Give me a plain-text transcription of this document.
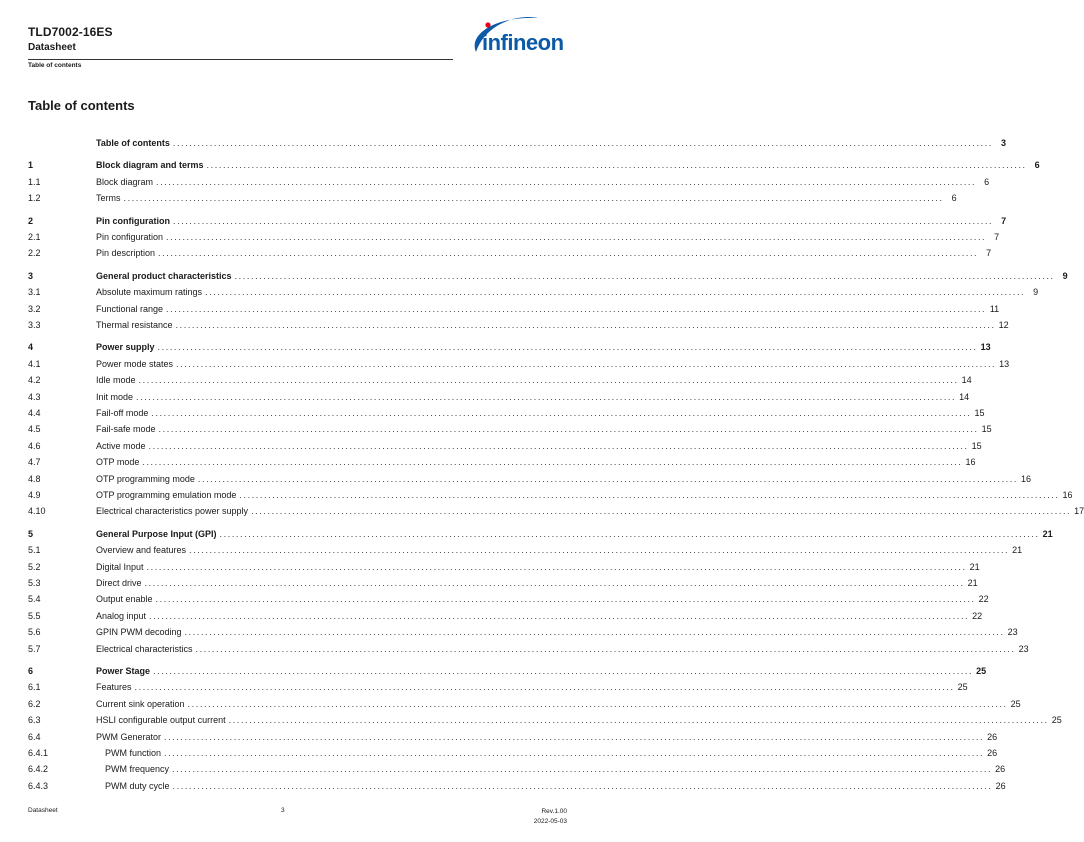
TLD7002-16ES
Datasheet
Table of contents
infineon
Table of contents
Table of contents ........................................................................................................................................................................................................ 3
1	Block diagram and terms ........................................................................................................................................................................................................ 6
1.1	Block diagram ........................................................................................................................................................................................................ 6
1.2	Terms ........................................................................................................................................................................................................ 6
2	Pin configuration ........................................................................................................................................................................................................ 7
2.1	Pin configuration ........................................................................................................................................................................................................ 7
2.2	Pin description ........................................................................................................................................................................................................ 7
3	General product characteristics ........................................................................................................................................................................................................ 9
3.1	Absolute maximum ratings ........................................................................................................................................................................................................ 9
3.2	Functional range ........................................................................................................................................................................................................ 11
3.3	Thermal resistance ........................................................................................................................................................................................................ 12
4	Power supply ........................................................................................................................................................................................................ 13
4.1	Power mode states ........................................................................................................................................................................................................ 13
4.2	Idle mode ........................................................................................................................................................................................................ 14
4.3	Init mode ........................................................................................................................................................................................................ 14
4.4	Fail-off mode ........................................................................................................................................................................................................ 15
4.5	Fail-safe mode ........................................................................................................................................................................................................ 15
4.6	Active mode ........................................................................................................................................................................................................ 15
4.7	OTP mode ........................................................................................................................................................................................................ 16
4.8	OTP programming mode ........................................................................................................................................................................................................ 16
4.9	OTP programming emulation mode ........................................................................................................................................................................................................ 16
4.10	Electrical characteristics power supply ........................................................................................................................................................................................................ 17
5	General Purpose Input (GPI) ........................................................................................................................................................................................................ 21
5.1	Overview and features ........................................................................................................................................................................................................ 21
5.2	Digital Input ........................................................................................................................................................................................................ 21
5.3	Direct drive ........................................................................................................................................................................................................ 21
5.4	Output enable ........................................................................................................................................................................................................ 22
5.5	Analog input ........................................................................................................................................................................................................ 22
5.6	GPIN PWM decoding ........................................................................................................................................................................................................ 23
5.7	Electrical characteristics ........................................................................................................................................................................................................ 23
6	Power Stage ........................................................................................................................................................................................................ 25
6.1	Features ........................................................................................................................................................................................................ 25
6.2	Current sink operation ........................................................................................................................................................................................................ 25
6.3	HSLI configurable output current ........................................................................................................................................................................................................ 25
6.4	PWM Generator ........................................................................................................................................................................................................ 26
6.4.1	PWM function ........................................................................................................................................................................................................ 26
6.4.2	PWM frequency ........................................................................................................................................................................................................ 26
6.4.3	PWM duty cycle ........................................................................................................................................................................................................ 26
Datasheet	3	Rev.1.00
2022-05-03
